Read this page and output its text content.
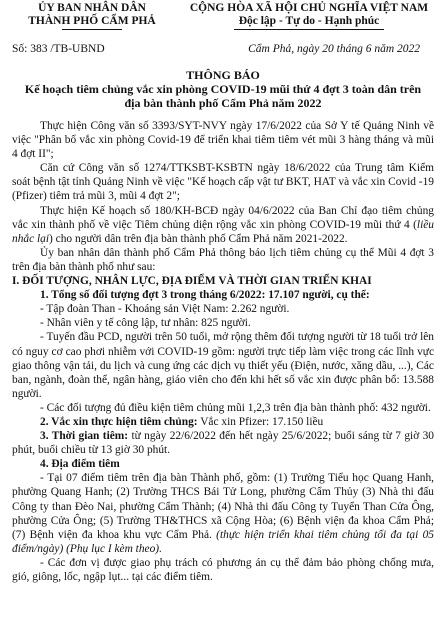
ỦY BAN NHÂN DÂN
THÀNH PHỐ CẨM PHẢ
CỘNG HÒA XÃ HỘI CHỦ NGHĨA VIỆT NAM
Độc lập - Tự do - Hạnh phúc
Số: 383 /TB-UBND	Cẩm Phả, ngày 20 tháng 6 năm 2022
THÔNG BÁO
Kế hoạch tiêm chủng vắc xin phòng COVID-19 mũi thứ 4 đợt 3 toàn dân trên địa bàn thành phố Cẩm Phả năm 2022

Thực hiện Công văn số 3393/SYT-NVY ngày 17/6/2022 của Sở Y tế Quảng Ninh về việc "Phân bổ vắc xin phòng Covid-19 để triển khai tiêm tiêm vét mũi 3 hàng tháng và mũi 4 đợt II";

Căn cứ Công văn số 1274/TTKSBT-KSBTN ngày 18/6/2022 của Trung tâm Kiểm soát bệnh tật tỉnh Quảng Ninh về việc "Kế hoạch cấp vật tư BKT, HAT và vắc xin Covid -19 (Pfizer) tiêm trả mũi 3, mũi 4 đợt 2";

Thực hiện Kế hoạch số 180/KH-BCĐ ngày 04/6/2022 của Ban Chỉ đạo tiêm chủng vắc xin thành phố về việc Tiêm chủng diện rộng vắc xin phòng COVID-19 mũi thứ 4 (liều nhắc lại) cho người dân trên địa bàn thành phố Cẩm Phả năm 2021-2022.

Ủy ban nhân dân thành phố Cẩm Phả thông báo lịch tiêm chủng cụ thể Mũi 4 đợt 3 trên địa bàn thành phố như sau:

I. ĐỐI TƯỢNG, NHÂN LỰC, ĐỊA ĐIỂM VÀ THỜI GIAN TRIỂN KHAI

1. Tổng số đối tượng đợt 3 trong tháng 6/2022: 17.107 người, cụ thể:

- Tập đoàn Than - Khoáng sản Việt Nam: 2.262 người.

- Nhân viên y tế công lập, tư nhân: 825 người.

- Tuyến đầu PCD, người trên 50 tuổi, mở rộng thêm đối tượng người từ 18 tuổi trở lên có nguy cơ cao phơi nhiễm với COVID-19 gồm: người trực tiếp làm việc trong các lĩnh vực giao thông vận tải, du lịch và cung ứng các dịch vụ thiết yếu (Điện, nước, xăng dầu, ...), Các ban, ngành, đoàn thể, ngân hàng, giáo viên cho đến khi hết số vắc xin được phân bổ: 13.588 người.

- Các đối tượng đủ điều kiện tiêm chủng mũi 1,2,3 trên địa bàn thành phố: 432 người.

2. Vắc xin thực hiện tiêm chủng: Vắc xin Pfizer: 17.150 liều

3. Thời gian tiêm: từ ngày 22/6/2022 đến hết ngày 25/6/2022; buổi sáng từ 7 giờ 30 phút, buổi chiều từ 13 giờ 30 phút.

4. Địa điểm tiêm

- Tại 07 điểm tiêm trên địa bàn Thành phố, gồm: (1) Trường Tiểu học Quang Hanh, phường Quang Hanh; (2) Trường THCS Bái Tử Long, phường Cẩm Thủy (3) Nhà thi đấu Công ty than Đèo Nai, phường Cẩm Thành; (4) Nhà thi đấu Công ty Tuyển Than Cửa Ông, phường Cửa Ông; (5) Trường TH&THCS xã Cộng Hòa; (6) Bệnh viện đa khoa Cẩm Phả; (7) Bệnh viện đa khoa khu vực Cẩm Phả. (thực hiện triển khai tiêm chủng tối đa tại 05 điểm/ngày) (Phụ lục I kèm theo).

- Các đơn vị được giao phụ trách có phương án cụ thể đảm bảo phòng chống mưa, gió, giông, lốc, ngập lụt... tại các điểm tiêm.
